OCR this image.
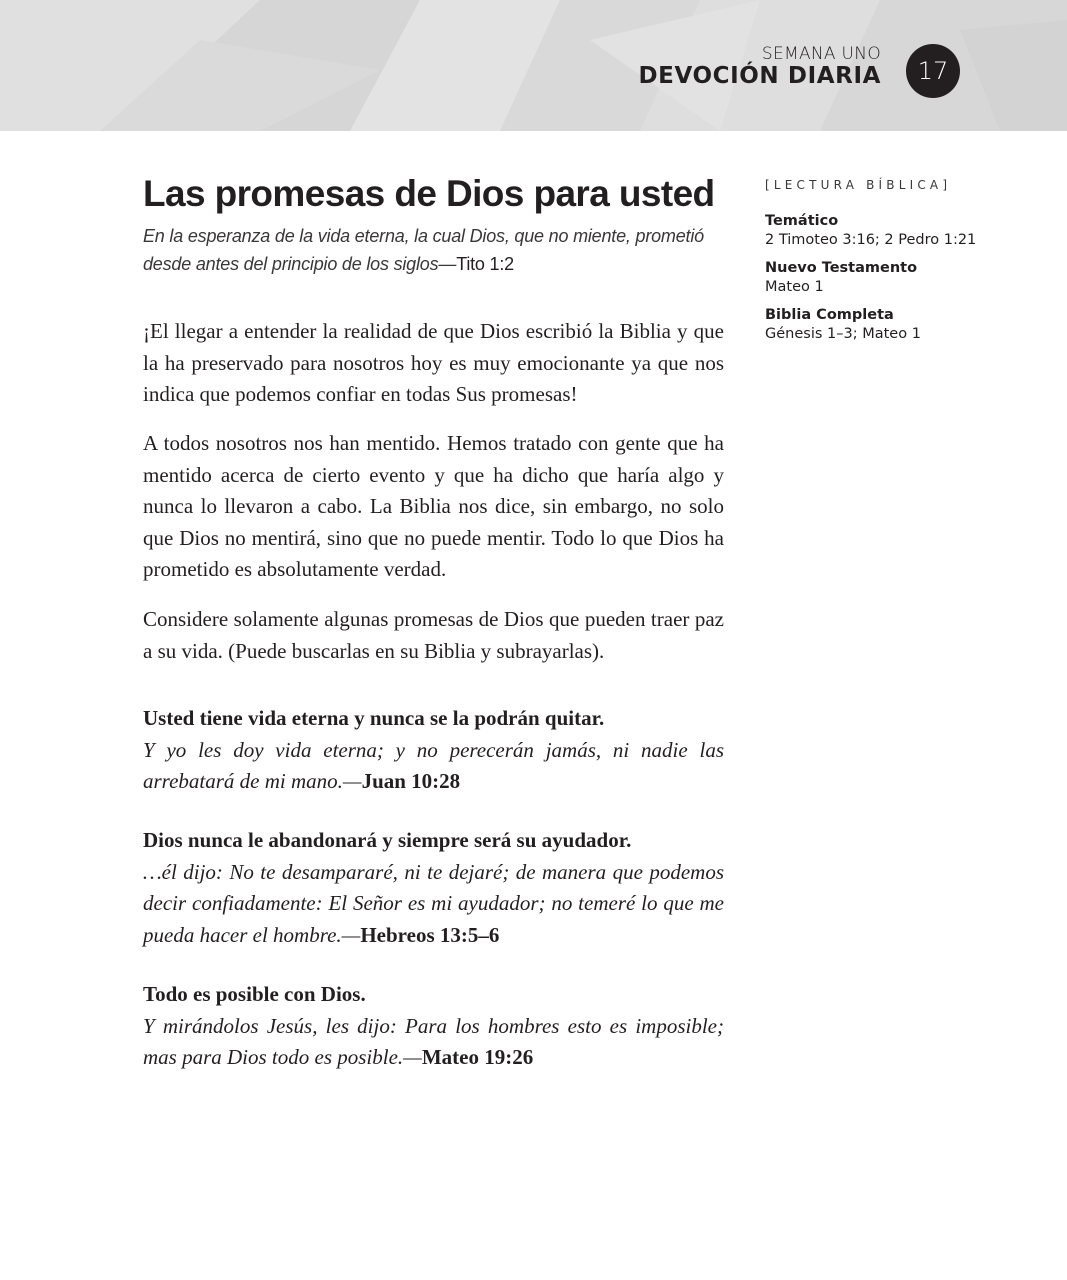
SEMANA UNO
DEVOCIÓN DIARIA	17
Las promesas de Dios para usted

En la esperanza de la vida eterna, la cual Dios, que no miente, prometió desde antes del principio de los siglos—Tito 1:2

¡El llegar a entender la realidad de que Dios escribió la Biblia y que la ha preservado para nosotros hoy es muy emocionante ya que nos indica que podemos confiar en todas Sus promesas!

A todos nosotros nos han mentido. Hemos tratado con gente que ha mentido acerca de cierto evento y que ha dicho que haría algo y nunca lo llevaron a cabo. La Biblia nos dice, sin embargo, no solo que Dios no mentirá, sino que no puede mentir. Todo lo que Dios ha prometido es absolutamente verdad.

Considere solamente algunas promesas de Dios que pueden traer paz a su vida. (Puede buscarlas en su Biblia y subrayarlas).

Usted tiene vida eterna y nunca se la podrán quitar.
Y yo les doy vida eterna; y no perecerán jamás, ni nadie las arrebatará de mi mano.—Juan 10:28
Dios nunca le abandonará y siempre será su ayudador.
…él dijo: No te desampararé, ni te dejaré; de manera que podemos decir confiadamente: El Señor es mi ayudador; no temeré lo que me pueda hacer el hombre.—Hebreos 13:5–6
Todo es posible con Dios.
Y mirándolos Jesús, les dijo: Para los hombres esto es imposible; mas para Dios todo es posible.—Mateo 19:26
[LECTURA BÍBLICA]
Temático
2 Timoteo 3:16; 2 Pedro 1:21
Nuevo Testamento
Mateo 1
Biblia Completa
Génesis 1–3; Mateo 1
